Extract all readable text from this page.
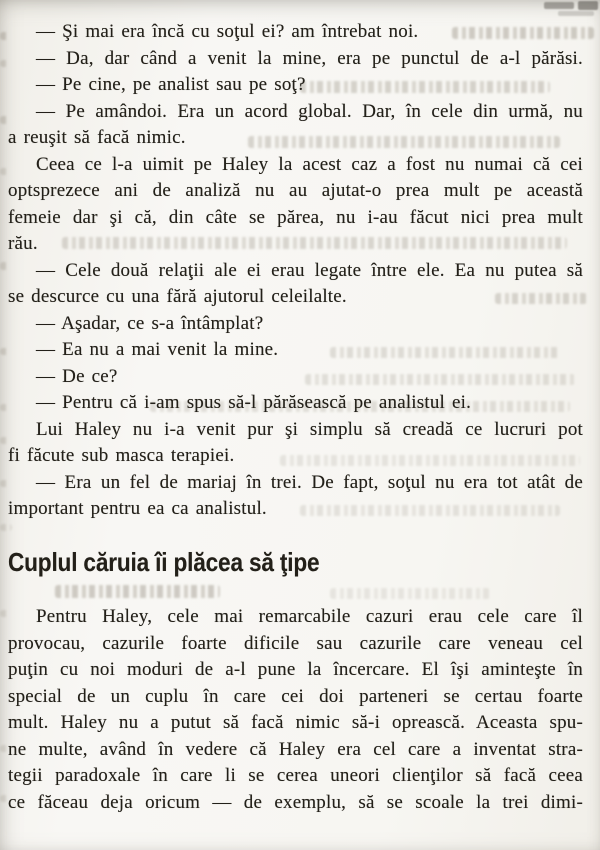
— Şi mai era încă cu soţul ei? am întrebat noi.
— Da, dar când a venit la mine, era pe punctul de a-l părăsi.
— Pe cine, pe analist sau pe soţ?
— Pe amândoi. Era un acord global. Dar, în cele din urmă, nu
a reuşit să facă nimic.
Ceea ce l-a uimit pe Haley la acest caz a fost nu numai că cei
optsprezece ani de analiză nu au ajutat-o prea mult pe această
femeie dar şi că, din câte se părea, nu i-au făcut nici prea mult
rău.
— Cele două relaţii ale ei erau legate între ele. Ea nu putea să
se descurce cu una fără ajutorul celeilalte.
— Aşadar, ce s-a întâmplat?
— Ea nu a mai venit la mine.
— De ce?
— Pentru că i-am spus să-l părăsească pe analistul ei.
Lui Haley nu i-a venit pur şi simplu să creadă ce lucruri pot
fi făcute sub masca terapiei.
— Era un fel de mariaj în trei. De fapt, soţul nu era tot atât de
important pentru ea ca analistul.
Cuplul căruia îi plăcea să ţipe
Pentru Haley, cele mai remarcabile cazuri erau cele care îl
provocau, cazurile foarte dificile sau cazurile care veneau cel
puţin cu noi moduri de a-l pune la încercare. El îşi aminteşte în
special de un cuplu în care cei doi parteneri se certau foarte
mult. Haley nu a putut să facă nimic să-i oprească. Aceasta spu-
ne multe, având în vedere că Haley era cel care a inventat stra-
tegii paradoxale în care li se cerea uneori clienţilor să facă ceea
ce făceau deja oricum — de exemplu, să se scoale la trei dimi-
